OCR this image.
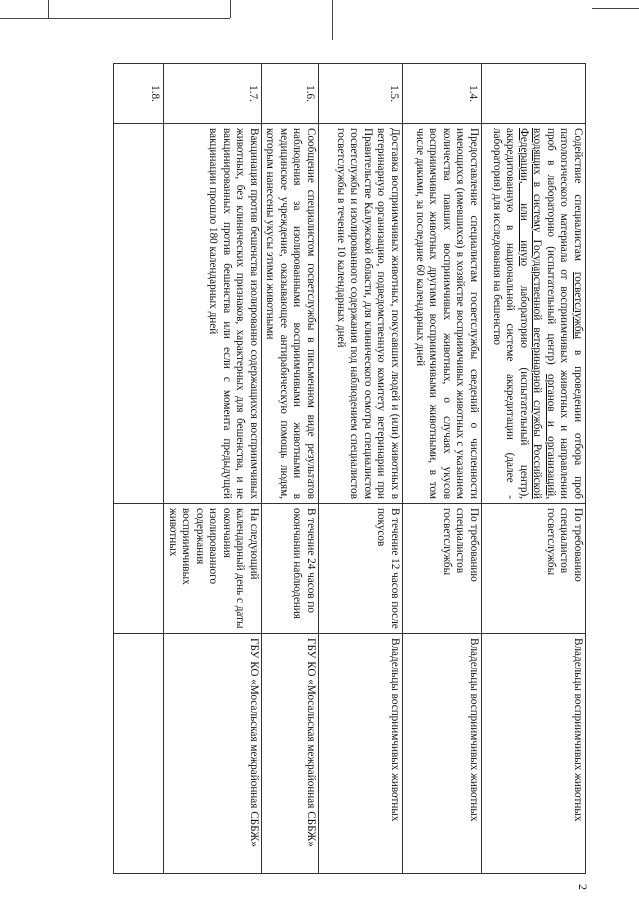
2
	Содействие специалистам госветслужбы в проведении отбора проб патологического материала от восприимчивых животных и направлении проб в лабораторию (испытательный центр) органов и организаций, входящих в систему Государственной ветеринарной службы Российской Федерации, или иную лабораторию (испытательный центр), аккредитованную в национальной системе аккредитации (далее - лаборатория) для исследования на бешенство	По требованию специалистов госветслужбы	Владельцы восприимчивых животных
1.4.	Предоставление специалистам госветслужбы сведений о численности имеющихся (имевшихся) в хозяйстве восприимчивых животных с указанием количества павших восприимчивых животных, о случаях укусов восприимчивых животных другими восприимчивыми животными, в том числе дикими, за последние 60 календарных дней	По требованию специалистов госветслужбы	Владельцы восприимчивых животных
1.5.	Доставка восприимчивых животных, покусавших людей и (или) животных в ветеринарную организацию, подведомственную комитету ветеринарии при Правительстве Калужской области, для клинического осмотра специалистом госветслужбы и изолированного содержания под наблюдением специалистов госветслужбы в течение 10 календарных дней	В течение 12 часов после покусов	Владельцы восприимчивых животных
1.6.	Сообщение специалистом госветслужбы в письменном виде результатов наблюдения за изолированными восприимчивыми животными в медицинское учреждение, оказывающее антирабическую помощь людям, которым нанесены укусы этими животными	В течение 24 часов по окончании наблюдения	ГБУ КО «Мосальская межрайонная СББЖ»
1.7.	Вакцинация против бешенства изолированно содержащихся восприимчивых животных, без клинических признаков, характерных для бешенства, и не вакцинированных против бешенства или если с момента предыдущей вакцинации прошло 180 календарных дней	На следующий календарный день с даты окончания изолированного содержания восприимчивых животных	ГБУ КО «Мосальская межрайонная СББЖ»
1.8.			
